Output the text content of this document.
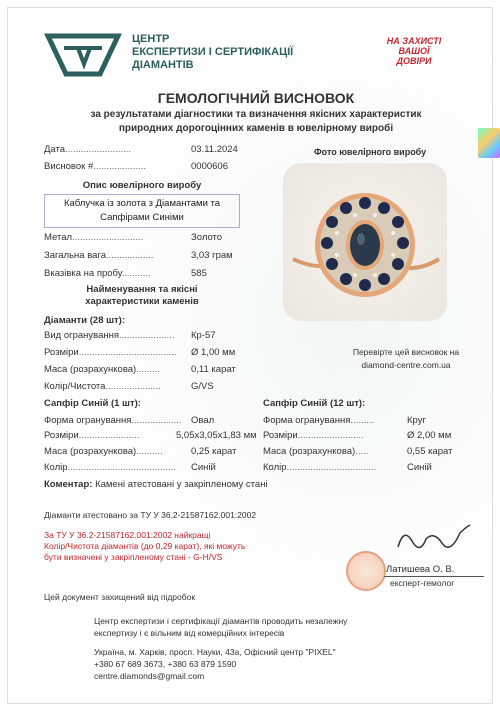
ЦЕНТР
ЕКСПЕРТИЗИ І СЕРТИФІКАЦІЇ
ДІАМАНТІВ
НА ЗАХИСТІ
ВАШОЇ
ДОВІРИ
ГЕМОЛОГІЧНИЙ ВИСНОВОК
за результатами діагностики та визначення якісних характеристик
природних дорогоцінних каменів в ювелірному виробі
Дата.........................	03.11.2024
Висновок #....................	0000606
Фото ювелірного виробу
Опис ювелірного виробу
Каблучка із золота з Діамантами та
Сапфірами Синіми
Метал...........................	Золото
Загальна вага..................	3,03 грам
Вказівка на пробу...........	585
Найменування та якісні
характеристики каменів
Діаманти (28 шт):
Вид огранування..................... Кр-57
Розміри..................................... Ø 1,00 мм
Маса (розрахункова).........	0,11 карат
Колір/Чистота.....................	G/VS
Перевірте цей висновок на
diamond-centre.com.ua
Сапфір Синій (1 шт):
Форма огранування................... Овал
Розміри.......................	5,05х3,05х1,83 мм
Маса (розрахункова)..........	0,25 карат
Колір......................................... Синій
Сапфір Синій (12 шт):
Форма огранування.........	Круг
Розміри.........................	Ø 2,00 мм
Маса (розрахункова).....	0,55 карат
Колір..................................	Синій
Коментар: Камені атестовані у закріпленому стані
Діаманти атестовано за ТУ У 36.2-21587162.001:2002
За ТУ У 36.2-21587162.001:2002 найкращі
Колір/Чистота діамантів (до 0,29 карат), які можуть
бути визначені у закріпленому стані - G-H/VS
Латишева О. В.
експерт-гемолог
Цей документ захищений від підробок
Центр експертизи і сертифікації діамантів проводить незалежну
експертизу і є вільним від комерційних інтересів
Україна, м. Харків, просп. Науки, 43а, Офісний центр "PIXEL"
+380 67 689 3673, +380 63 879 1590
centre.diamonds@gmail.com
